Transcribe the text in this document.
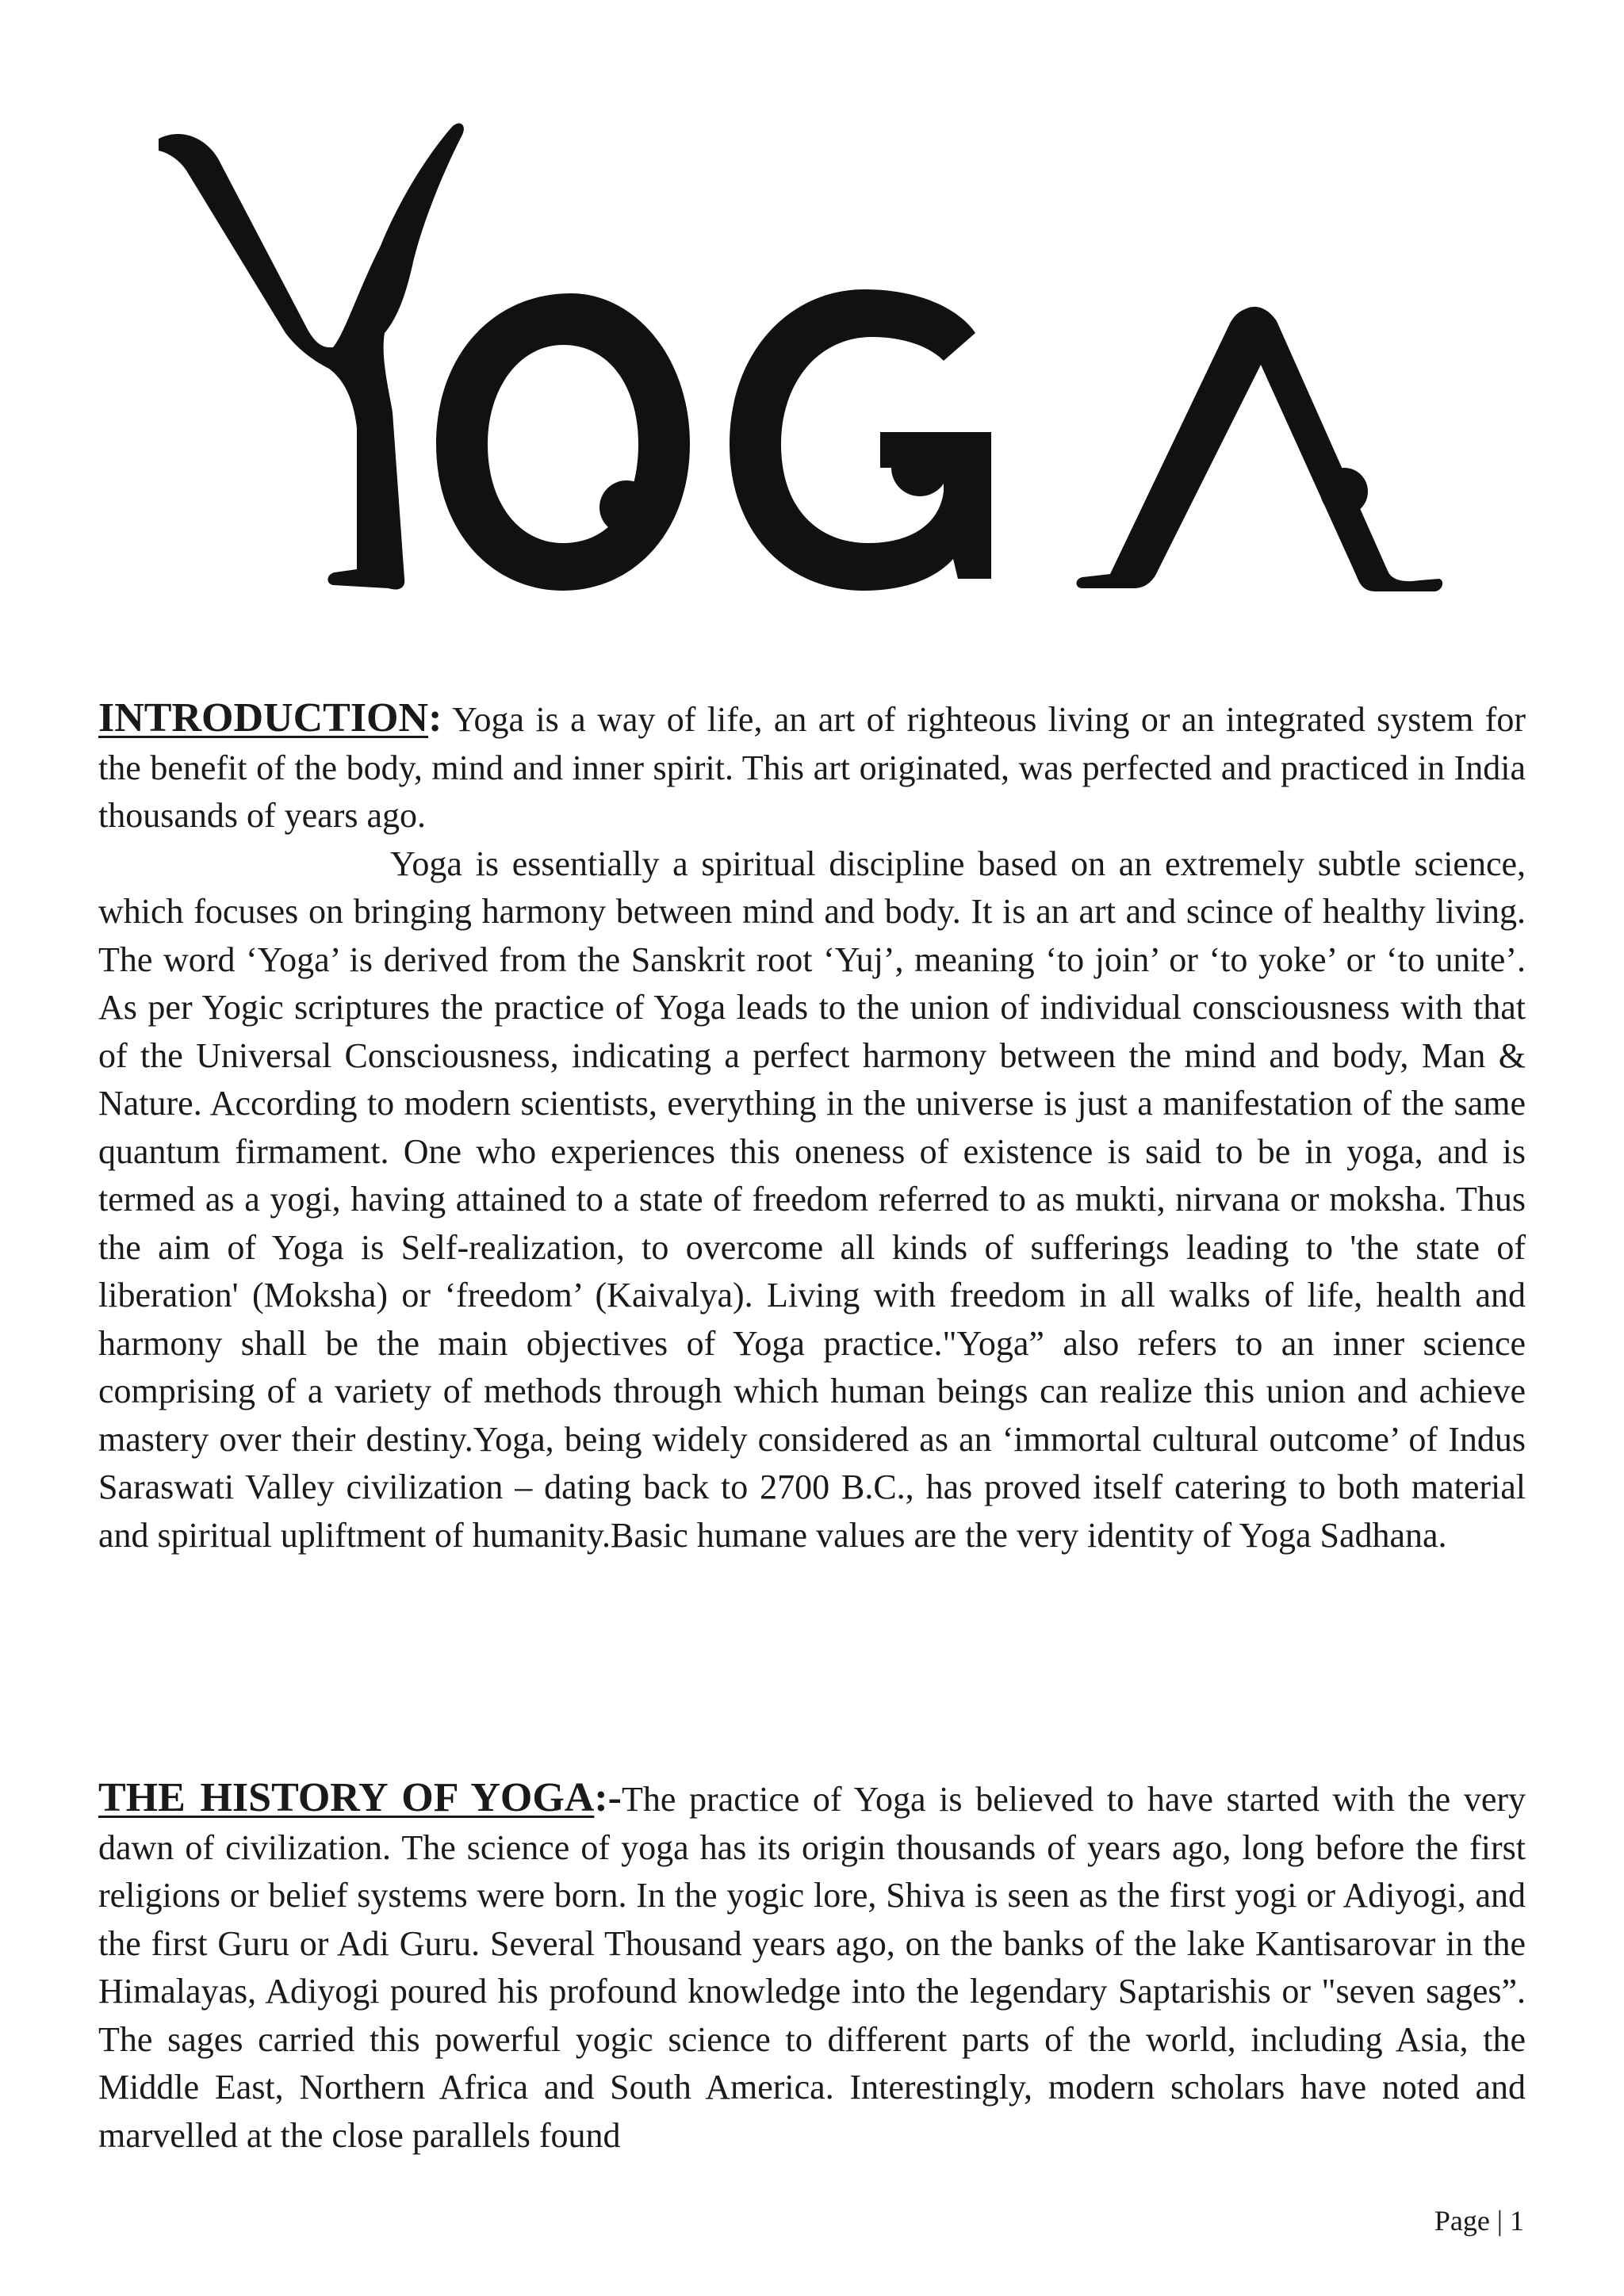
INTRODUCTION: Yoga is a way of life, an art of righteous living or an integrated system for the benefit of the body, mind and inner spirit. This art originated, was perfected and practiced in India thousands of years ago.

Yoga is essentially a spiritual discipline based on an extremely subtle science, which focuses on bringing harmony between mind and body. It is an art and scince of healthy living. The word ‘Yoga’ is derived from the Sanskrit root ‘Yuj’, meaning ‘to join’ or ‘to yoke’ or ‘to unite’. As per Yogic scriptures the practice of Yoga leads to the union of individual consciousness with that of the Universal Consciousness, indicating a perfect harmony between the mind and body, Man & Nature. According to modern scientists, everything in the universe is just a manifestation of the same quantum firmament. One who experiences this oneness of existence is said to be in yoga, and is termed as a yogi, having attained to a state of freedom referred to as mukti, nirvana or moksha. Thus the aim of Yoga is Self-realization, to overcome all kinds of sufferings leading to 'the state of liberation' (Moksha) or ‘freedom’ (Kaivalya). Living with freedom in all walks of life, health and harmony shall be the main objectives of Yoga practice."Yoga” also refers to an inner science comprising of a variety of methods through which human beings can realize this union and achieve mastery over their destiny.Yoga, being widely considered as an ‘immortal cultural outcome’ of Indus Saraswati Valley civilization – dating back to 2700 B.C., has proved itself catering to both material and spiritual upliftment of humanity.Basic humane values are the very identity of Yoga Sadhana.

THE HISTORY OF YOGA:-The practice of Yoga is believed to have started with the very dawn of civilization. The science of yoga has its origin thousands of years ago, long before the first religions or belief systems were born. In the yogic lore, Shiva is seen as the first yogi or Adiyogi, and the first Guru or Adi Guru. Several Thousand years ago, on the banks of the lake Kantisarovar in the Himalayas, Adiyogi poured his profound knowledge into the legendary Saptarishis or "seven sages”. The sages carried this powerful yogic science to different parts of the world, including Asia, the Middle East, Northern Africa and South America. Interestingly, modern scholars have noted and marvelled at the close parallels found

Page | 1
